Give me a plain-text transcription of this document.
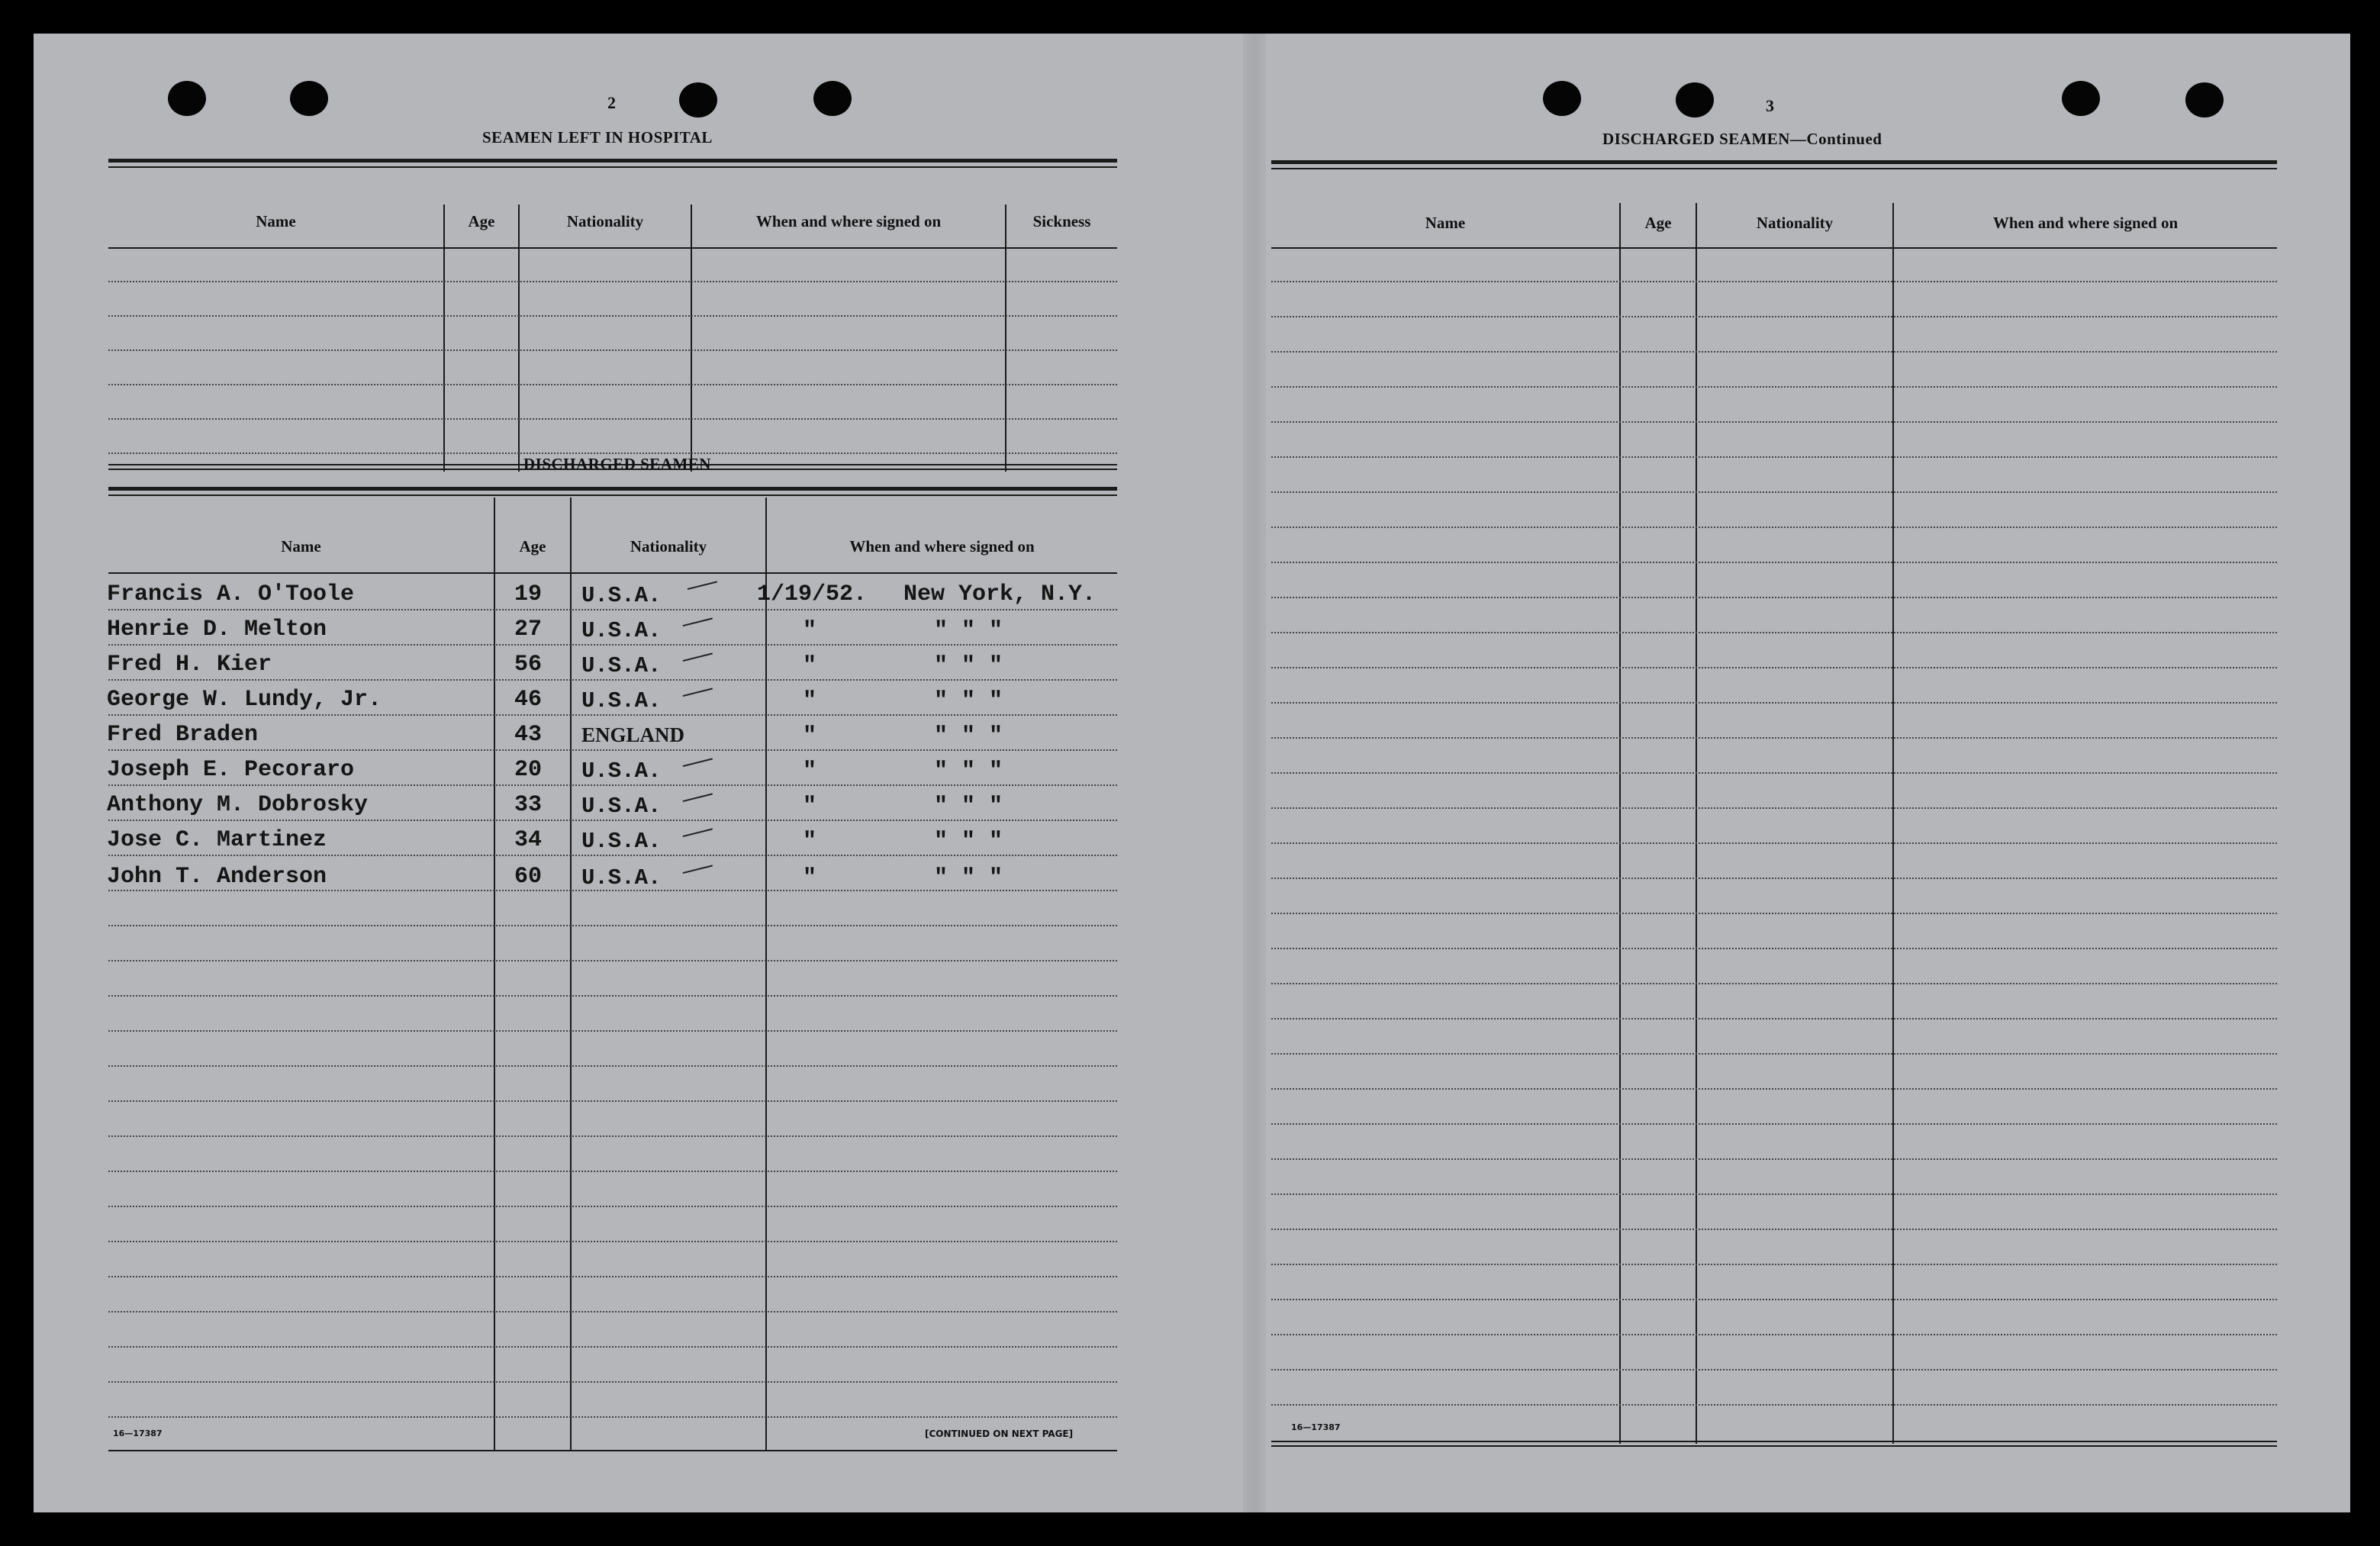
2
SEAMEN LEFT IN HOSPITAL
Name	Age	Nationality	When and where signed on	Sickness
DISCHARGED SEAMEN
Name	Age	Nationality	When and where signed on
Francis A. O'Toole	19 U.S.A.	1/19/52. New York, N.Y.
Henrie D. Melton	27 U.S.A.	"	" " "
Fred H. Kier	56 U.S.A.	"	" " "
George W. Lundy, Jr.	46 U.S.A.	"	" " "
Fred Braden	43 ENGLAND	"	" " "
Joseph E. Pecoraro	20 U.S.A.	"	" " "
Anthony M. Dobrosky	33 U.S.A.	"	" " "
Jose C. Martinez	34 U.S.A.	"	" " "
John T. Anderson	60 U.S.A.	"	" " "
16—17387	[CONTINUED ON NEXT PAGE]
3
DISCHARGED SEAMEN—Continued
Name	Age	Nationality	When and where signed on
16—17387
